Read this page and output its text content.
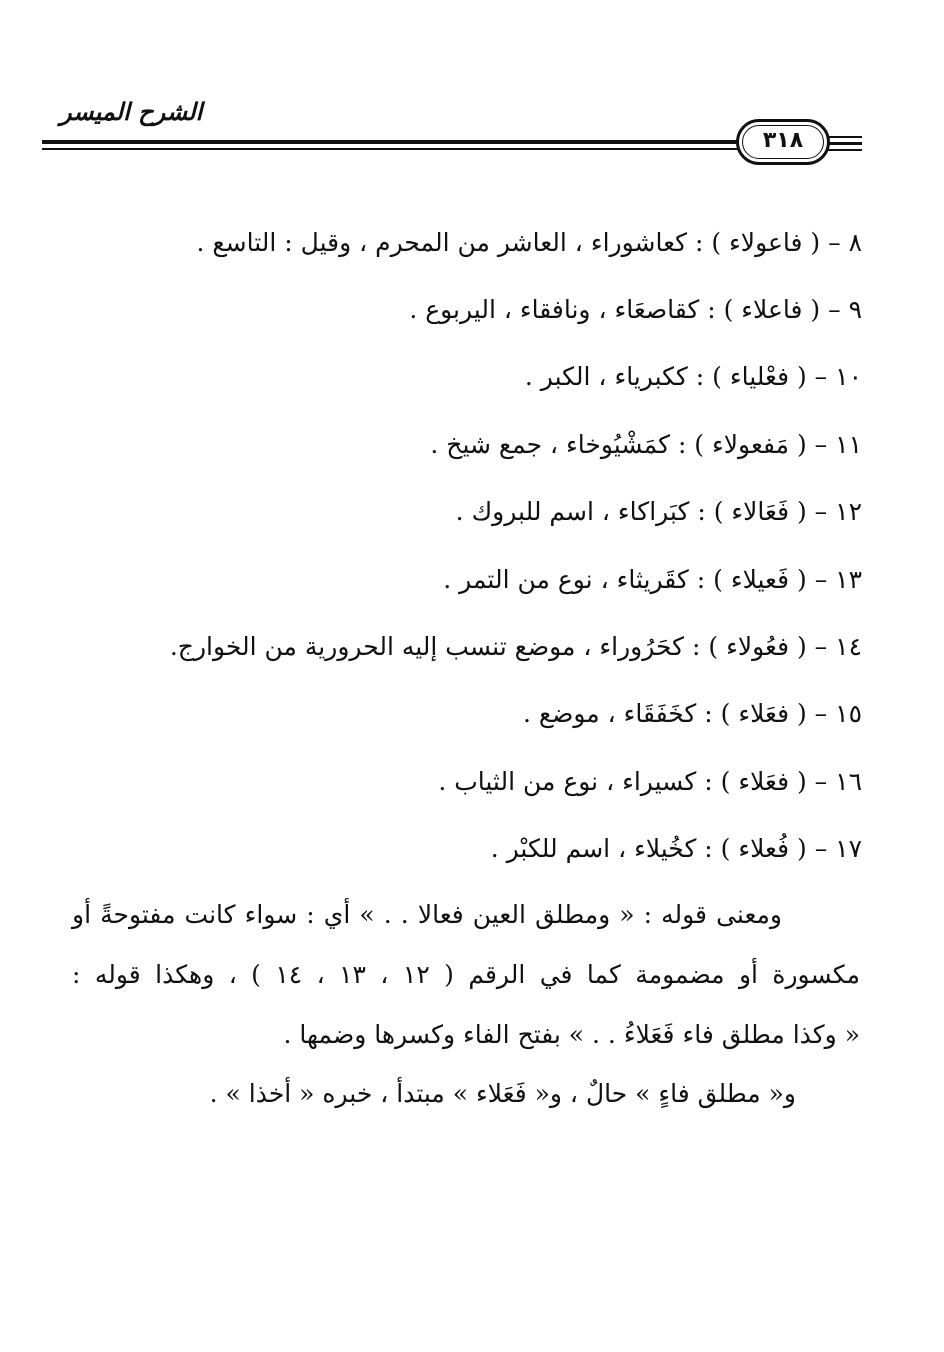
الشرح الميسر
٣١٨
٨ – ( فاعولاء ) : كعاشوراء ، العاشر من المحرم ، وقيل : التاسع .
٩ – ( فاعلاء ) : كقاصعَاء ، ونافقاء ، اليربوع .
١٠ – ( فعْلياء ) : ككبرياء ، الكبر .
١١ – ( مَفعولاء ) : كمَشْيُوخاء ، جمع شيخ .
١٢ – ( فَعَالاء ) : كبَراكاء ، اسم للبروك .
١٣ – ( فَعيلاء ) : كقَريثاء ، نوع من التمر .
١٤ – ( فعُولاء ) : كحَرُوراء ، موضع تنسب إليه الحرورية من الخوارج.
١٥ – ( فعَلاء ) : كخَفَقَاء ، موضع .
١٦ – ( فعَلاء ) : كسيراء ، نوع من الثياب .
١٧ – ( فُعلاء ) : كخُيلاء ، اسم للكبْر .
ومعنى قوله : « ومطلق العين فعالا . . » أي : سواء كانت مفتوحةً أو
مكسورة أو مضمومة كما في الرقم ( ١٢ ، ١٣ ، ١٤ ) ، وهكذا قوله :
« وكذا مطلق فاء فَعَلاءُ . . » بفتح الفاء وكسرها وضمها .
و« مطلق فاءٍ » حالٌ ، و« فَعَلاء » مبتدأ ، خبره « أخذا » .
